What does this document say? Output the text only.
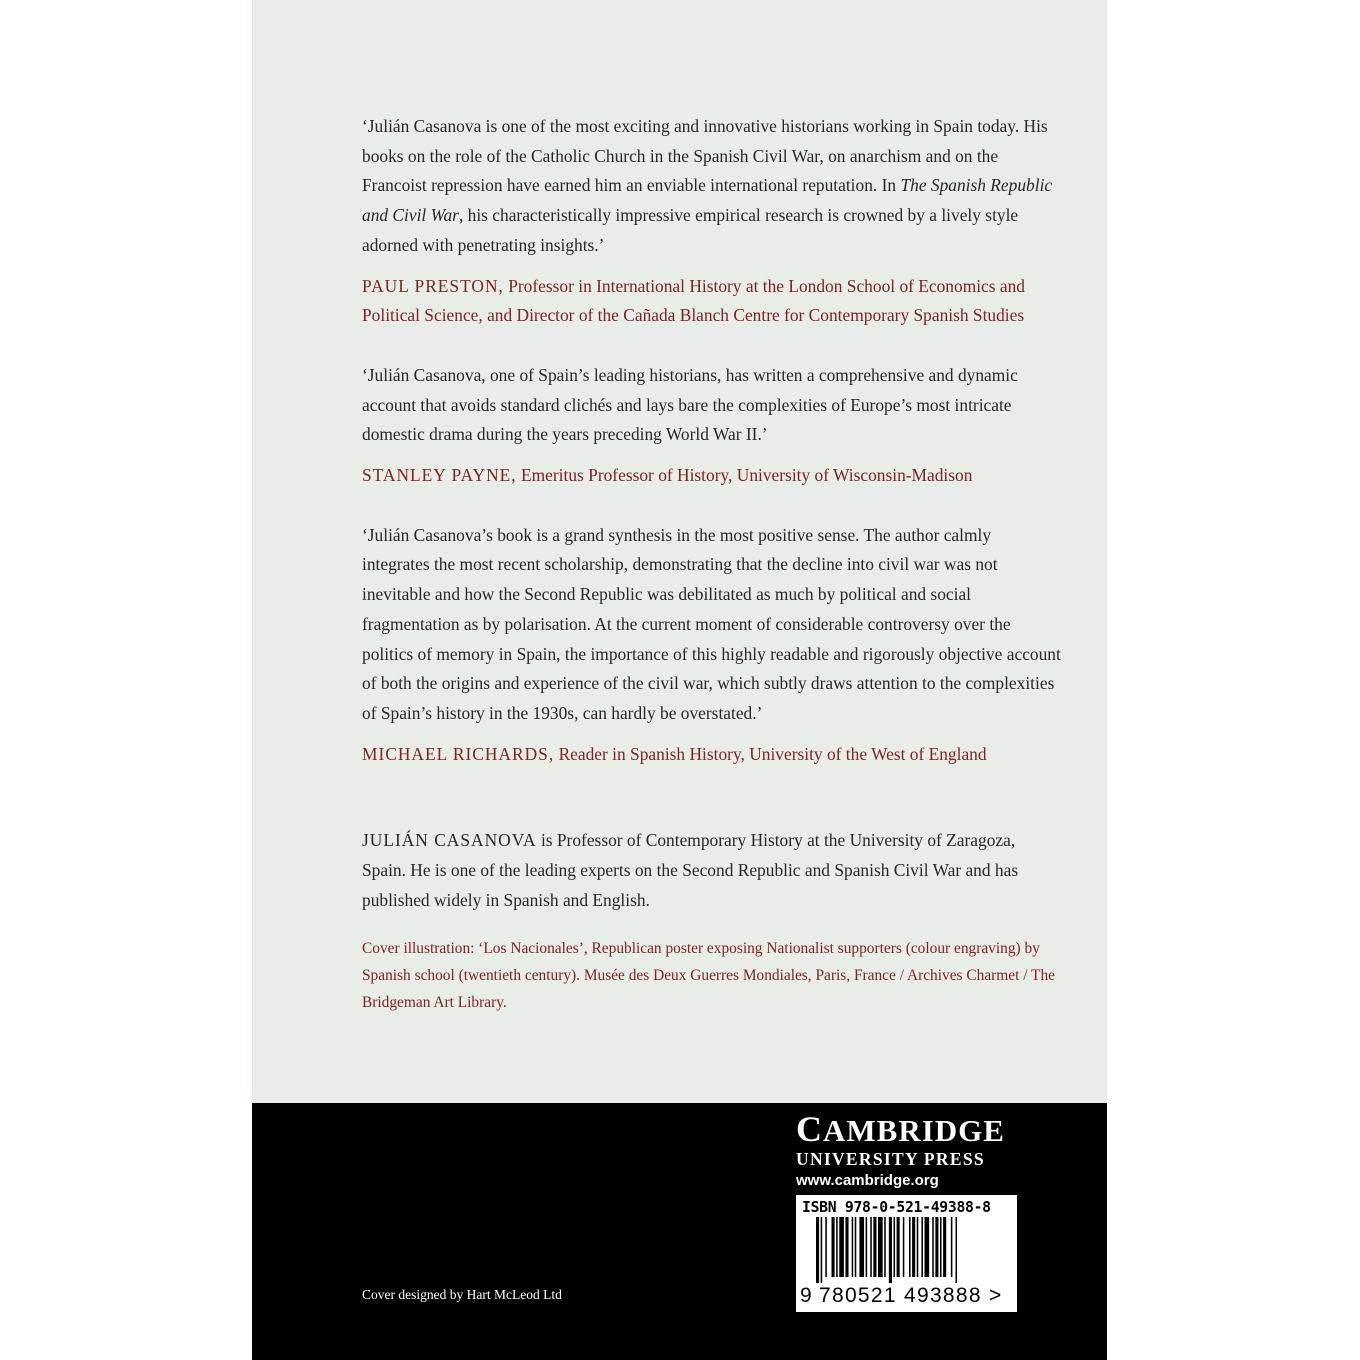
‘Julián Casanova is one of the most exciting and innovative historians working in Spain today. His books on the role of the Catholic Church in the Spanish Civil War, on anarchism and on the Francoist repression have earned him an enviable international reputation. In The Spanish Republic and Civil War, his characteristically impressive empirical research is crowned by a lively style adorned with penetrating insights.’

PAUL PRESTON, Professor in International History at the London School of Economics and Political Science, and Director of the Cañada Blanch Centre for Contemporary Spanish Studies

‘Julián Casanova, one of Spain’s leading historians, has written a comprehensive and dynamic account that avoids standard clichés and lays bare the complexities of Europe’s most intricate domestic drama during the years preceding World War II.’

STANLEY PAYNE, Emeritus Professor of History, University of Wisconsin-Madison

‘Julián Casanova’s book is a grand synthesis in the most positive sense. The author calmly integrates the most recent scholarship, demonstrating that the decline into civil war was not inevitable and how the Second Republic was debilitated as much by political and social fragmentation as by polarisation. At the current moment of considerable controversy over the politics of memory in Spain, the importance of this highly readable and rigorously objective account of both the origins and experience of the civil war, which subtly draws attention to the complexities of Spain’s history in the 1930s, can hardly be overstated.’

MICHAEL RICHARDS, Reader in Spanish History, University of the West of England

JULIÁN CASANOVA is Professor of Contemporary History at the University of Zaragoza, Spain. He is one of the leading experts on the Second Republic and Spanish Civil War and has published widely in Spanish and English.

Cover illustration: ‘Los Nacionales’, Republican poster exposing Nationalist supporters (colour engraving) by Spanish school (twentieth century). Musée des Deux Guerres Mondiales, Paris, France / Archives Charmet / The Bridgeman Art Library.

CAMBRIDGE
UNIVERSITY PRESS
www.cambridge.org
ISBN 978-0-521-49388-8
9 780521 493888 >
Cover designed by Hart McLeod Ltd
